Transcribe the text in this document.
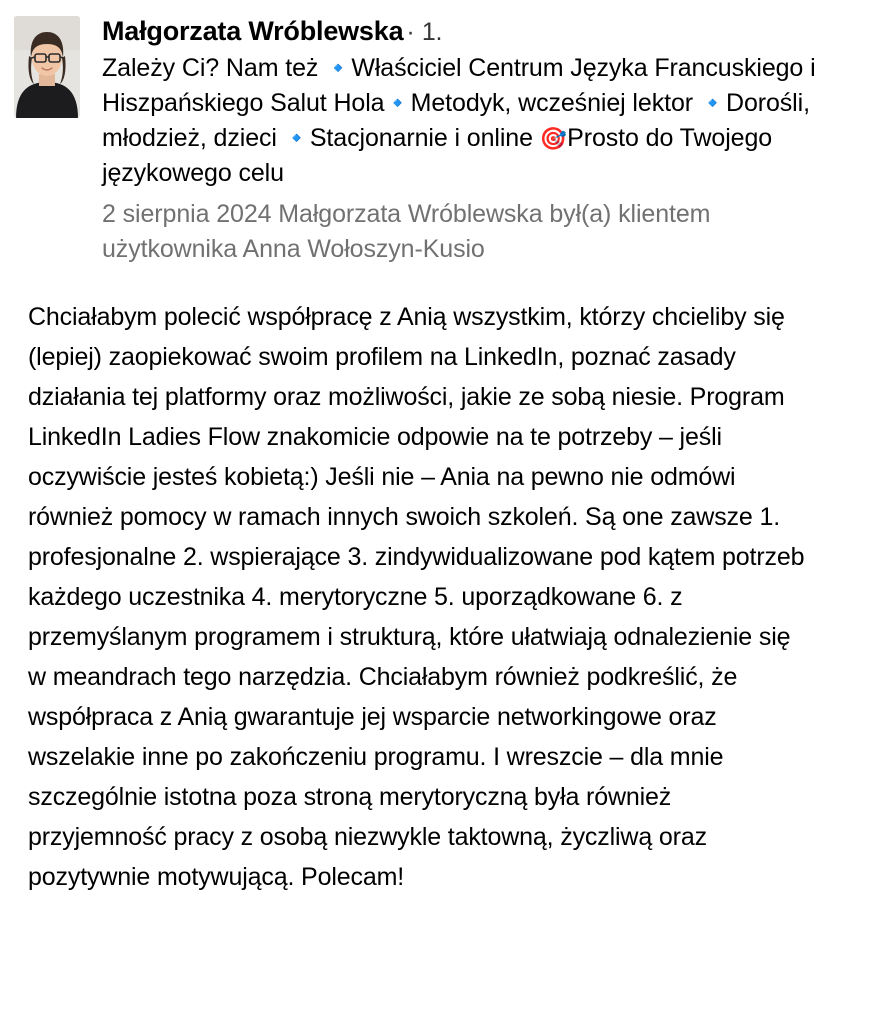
Małgorzata Wróblewska · 1.
Zależy Ci? Nam też 🔹Właściciel Centrum Języka Francuskiego i Hiszpańskiego Salut Hola🔹Metodyk, wcześniej lektor 🔹Dorośli, młodzież, dzieci 🔹Stacjonarnie i online 🎯Prosto do Twojego językowego celu
2 sierpnia 2024 Małgorzata Wróblewska był(a) klientem użytkownika Anna Wołoszyn-Kusio
Chciałabym polecić współpracę z Anią wszystkim, którzy chcieliby się (lepiej) zaopiekować swoim profilem na LinkedIn, poznać zasady działania tej platformy oraz możliwości, jakie ze sobą niesie. Program LinkedIn Ladies Flow znakomicie odpowie na te potrzeby – jeśli oczywiście jesteś kobietą:) Jeśli nie – Ania na pewno nie odmówi również pomocy w ramach innych swoich szkoleń. Są one zawsze 1. profesjonalne 2. wspierające 3. zindywidualizowane pod kątem potrzeb każdego uczestnika 4. merytoryczne 5. uporządkowane 6. z przemyślanym programem i strukturą, które ułatwiają odnalezienie się w meandrach tego narzędzia. Chciałabym również podkreślić, że współpraca z Anią gwarantuje jej wsparcie networkingowe oraz wszelakie inne po zakończeniu programu. I wreszcie – dla mnie szczególnie istotna poza stroną merytoryczną była również przyjemność pracy z osobą niezwykle taktowną, życzliwą oraz pozytywnie motywującą. Polecam!
